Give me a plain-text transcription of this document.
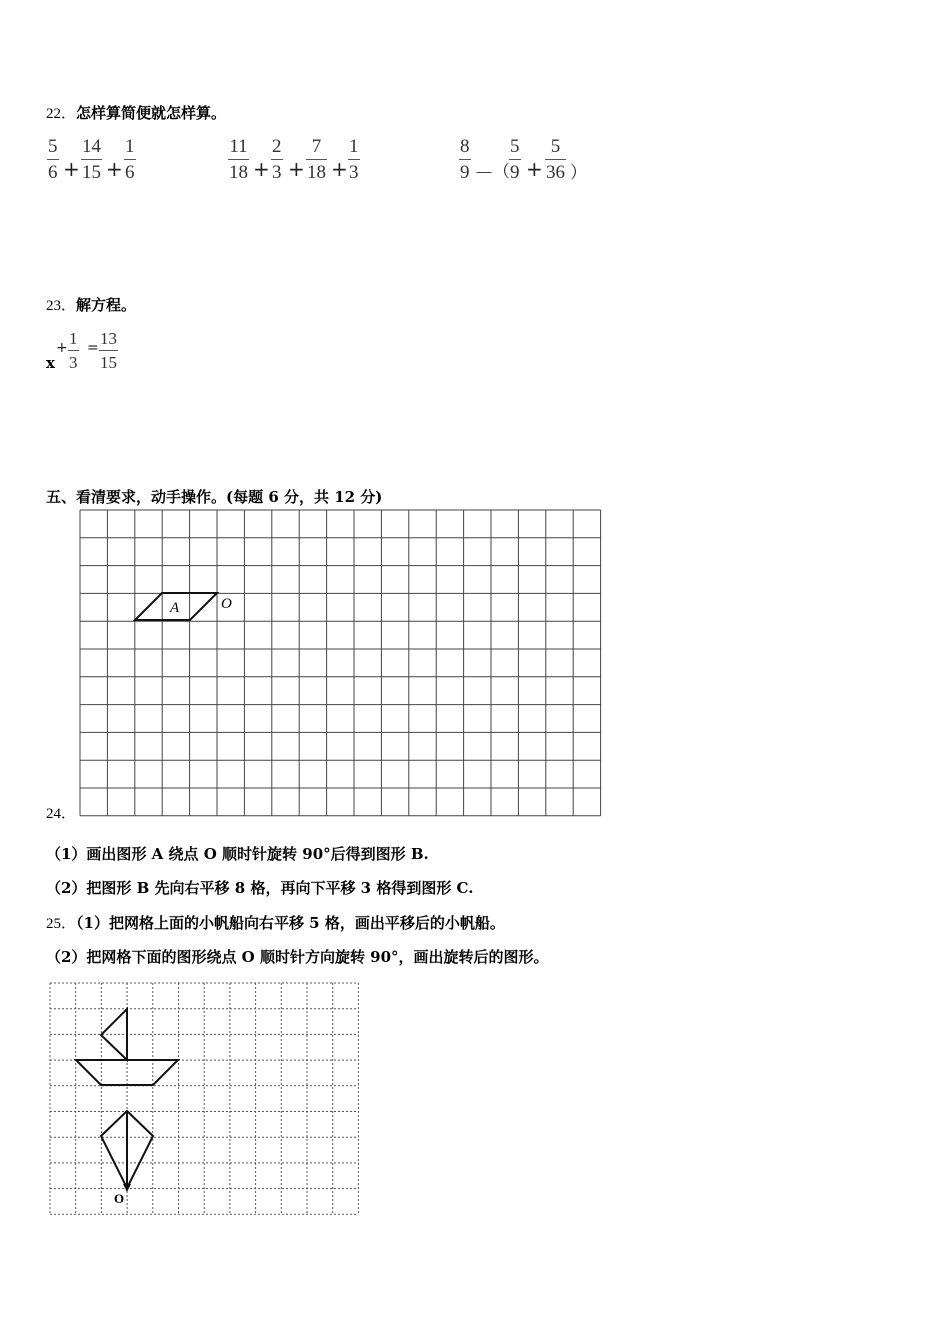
22．怎样算简便就怎样算。
$\frac{5}{6} + \frac{14}{15} + \frac{1}{6}$	$\frac{11}{18} + \frac{2}{3} + \frac{7}{18} + \frac{1}{3}$	$\frac{8}{9}$ － （ $\frac{5}{9} + \frac{5}{36}$ ）
23．解方程。
x
+ $\frac{1}{3} = \frac{13}{15}$
五、看清要求，动手操作。(每题 6 分，共 12 分)
A	O
O
24．
（1）画出图形 A 绕点 O 顺时针旋转 90°后得到图形 B.
（2）把图形 B 先向右平移 8 格，再向下平移 3 格得到图形 C.
25．（1）把网格上面的小帆船向右平移 5 格，画出平移后的小帆船。
（2）把网格下面的图形绕点 O 顺时针方向旋转 90°，画出旋转后的图形。
